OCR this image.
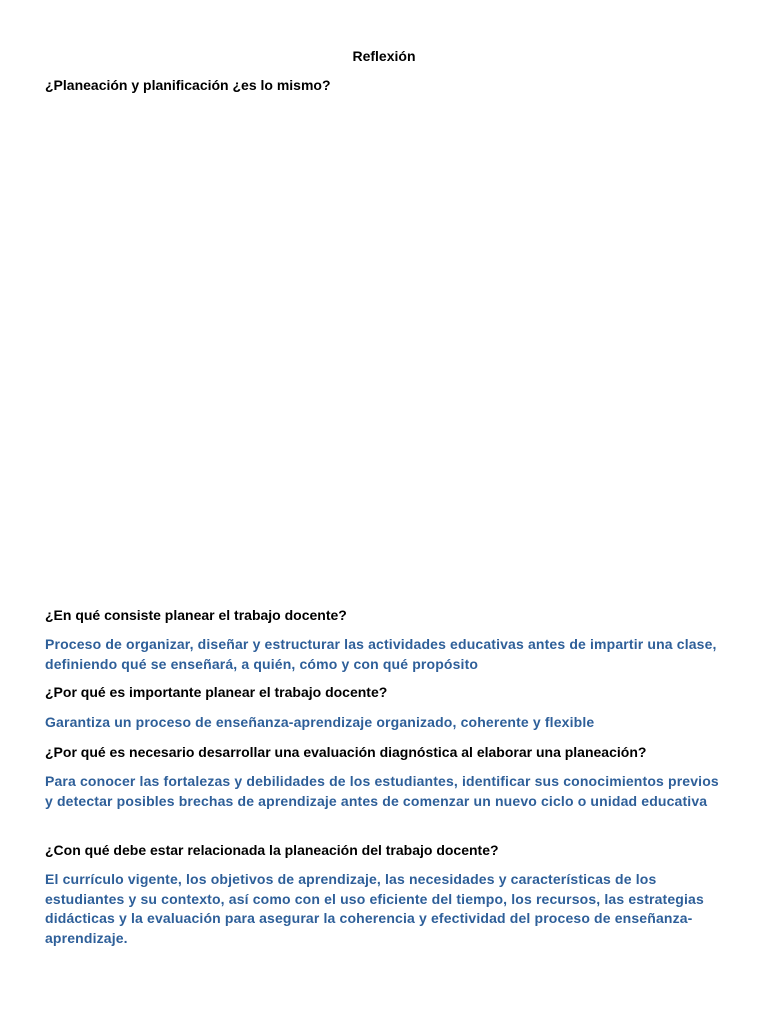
Reflexión
¿Planeación y planificación ¿es lo mismo?
¿En qué consiste planear el trabajo docente?
Proceso de organizar, diseñar y estructurar las actividades educativas antes de impartir una clase, definiendo qué se enseñará, a quién, cómo y con qué propósito
¿Por qué es importante planear el trabajo docente?
Garantiza un proceso de enseñanza-aprendizaje organizado, coherente y flexible
¿Por qué es necesario desarrollar una evaluación diagnóstica al elaborar una planeación?
Para conocer las fortalezas y debilidades de los estudiantes, identificar sus conocimientos previos y detectar posibles brechas de aprendizaje antes de comenzar un nuevo ciclo o unidad educativa
¿Con qué debe estar relacionada la planeación del trabajo docente?
El currículo vigente, los objetivos de aprendizaje, las necesidades y características de los estudiantes y su contexto, así como con el uso eficiente del tiempo, los recursos, las estrategias didácticas y la evaluación para asegurar la coherencia y efectividad del proceso de enseñanza-aprendizaje.
